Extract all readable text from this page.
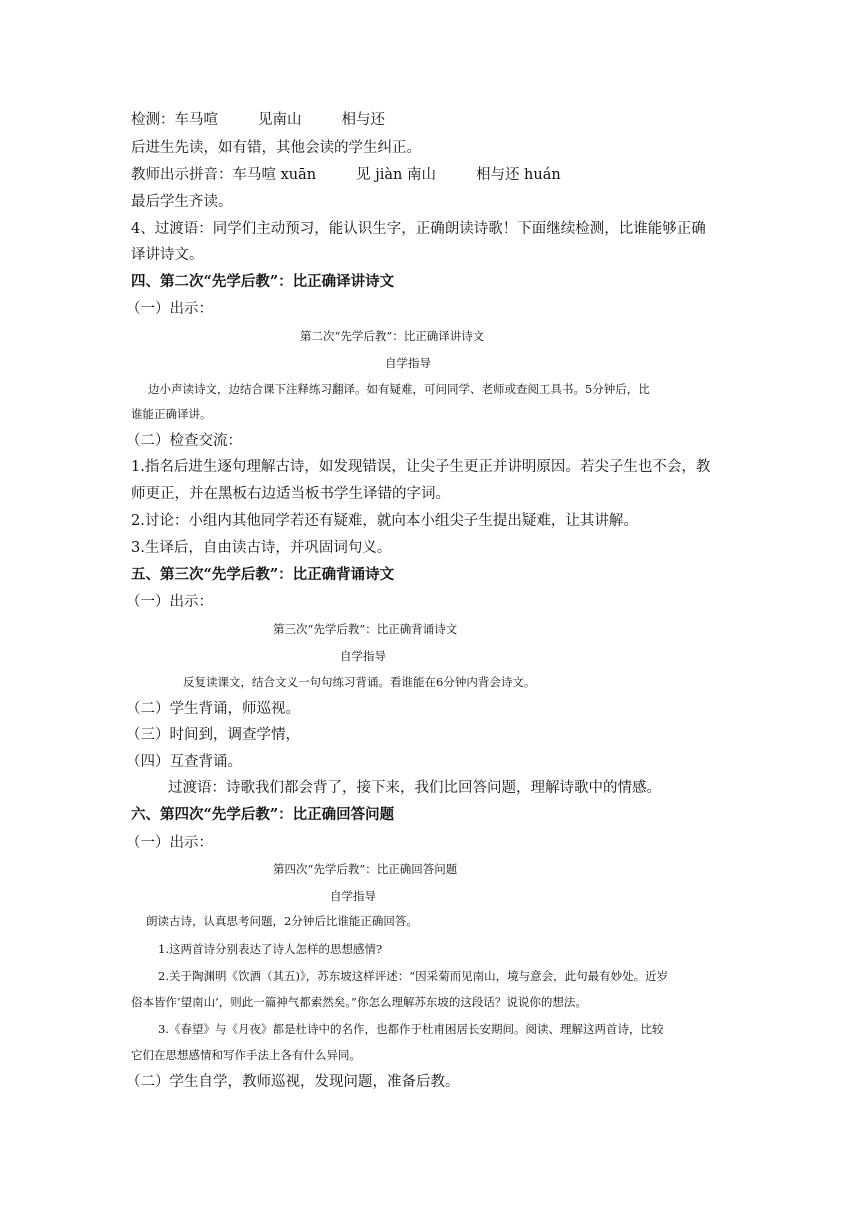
检测：车马喧	见南山	相与还
后进生先读，如有错，其他会读的学生纠正。
教师出示拼音：车马喧 xuān	见 jiàn 南山	相与还 huán
最后学生齐读。
4、过渡语：同学们主动预习，能认识生字，正确朗读诗歌！下面继续检测，比谁能够正确
译讲诗文。
四、第二次“先学后教”：比正确译讲诗文
（一）出示：
第二次“先学后教”：比正确译讲诗文
自学指导
边小声读诗文，边结合课下注释练习翻译。如有疑难，可问同学、老师或查阅工具书。5分钟后，比
谁能正确译讲。
（二）检查交流：
1.指名后进生逐句理解古诗，如发现错误，让尖子生更正并讲明原因。若尖子生也不会，教
师更正，并在黑板右边适当板书学生译错的字词。
2.讨论：小组内其他同学若还有疑难，就向本小组尖子生提出疑难，让其讲解。
3.生译后，自由读古诗，并巩固词句义。
五、第三次“先学后教”：比正确背诵诗文
（一）出示：
第三次“先学后教”：比正确背诵诗文
自学指导
反复读课文，结合文义一句句练习背诵。看谁能在6分钟内背会诗文。
（二）学生背诵，师巡视。
（三）时间到，调查学情，
（四）互查背诵。
过渡语：诗歌我们都会背了，接下来，我们比回答问题，理解诗歌中的情感。
六、第四次“先学后教”：比正确回答问题
（一）出示：
第四次“先学后教”：比正确回答问题
自学指导
朗读古诗，认真思考问题，2分钟后比谁能正确回答。
1.这两首诗分别表达了诗人怎样的思想感情?
2.关于陶渊明《饮酒（其五)》，苏东坡这样评述：“因采菊而见南山，境与意会，此句最有妙处。近岁
俗本皆作‘望南山’，则此一篇神气都索然矣。”你怎么理解苏东坡的这段话？说说你的想法。
3.《春望》与《月夜》都是杜诗中的名作，也都作于杜甫困居长安期间。阅读、理解这两首诗，比较
它们在思想感情和写作手法上各有什么异同。
（二）学生自学，教师巡视，发现问题，准备后教。
